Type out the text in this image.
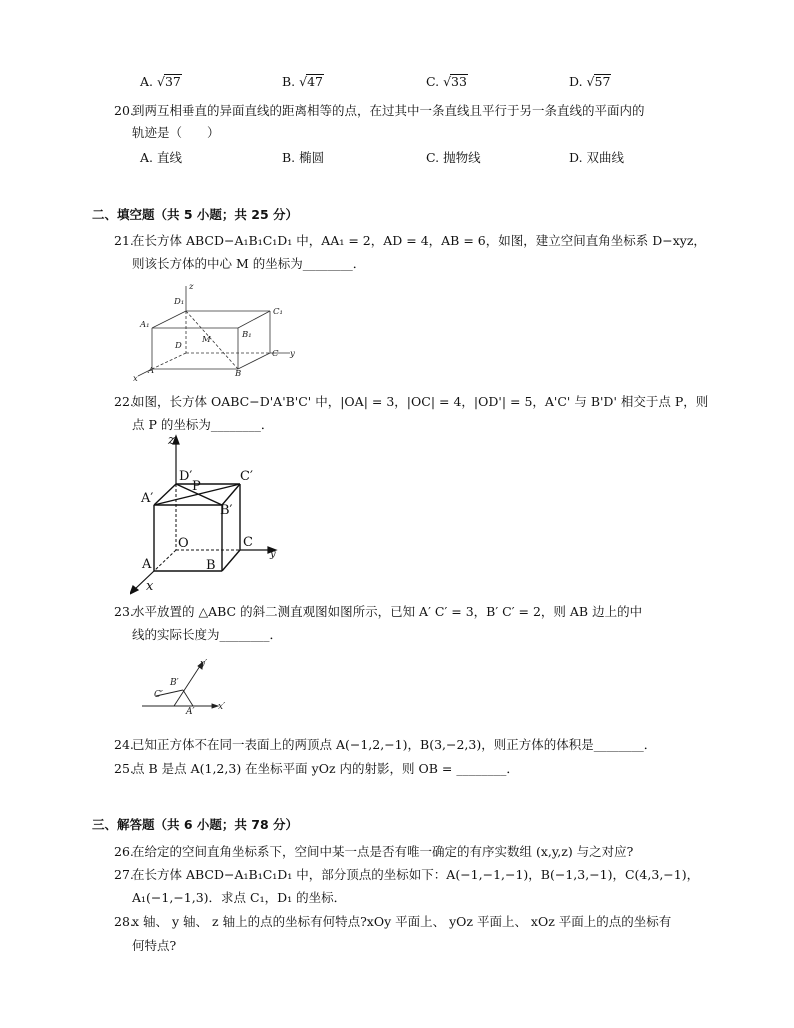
A. √37	B. √47	C. √33	D. √57
20.
到两互相垂直的异面直线的距离相等的点，在过其中一条直线且平行于另一条直线的平面内的
轨迹是（　　）
A. 直线	B. 椭圆	C. 抛物线	D. 双曲线
二、填空题（共 5 小题；共 25 分）
21.
在长方体 ABCD−A₁B₁C₁D₁ 中，AA₁ = 2，AD = 4，AB = 6，如图，建立空间直角坐标系 D−xyz，
则该长方体的中心 M 的坐标为________．
z
D₁
C₁
A₁
B₁
D
M
C y
A	B
x
22.
如图，长方体 OABC−D'A'B'C' 中，|OA| = 3，|OC| = 4，|OD'| = 5，A'C' 与 B'D' 相交于点 P，则
点 P 的坐标为________．
z
D′	C′
P
A′
B′
O	C
y
A	B
x
23.
水平放置的 △ABC 的斜二测直观图如图所示，已知 A′ C′ = 3，B′ C′ = 2，则 AB 边上的中
线的实际长度为________．
y′
B′
C′
A′	x′
24.
已知正方体不在同一表面上的两顶点 A(−1,2,−1)，B(3,−2,3)，则正方体的体积是________．
25.
点 B 是点 A(1,2,3) 在坐标平面 yOz 内的射影，则 OB = ________．
三、解答题（共 6 小题；共 78 分）
26.
在给定的空间直角坐标系下，空间中某一点是否有唯一确定的有序实数组 (x,y,z) 与之对应?
27.
在长方体 ABCD−A₁B₁C₁D₁ 中，部分顶点的坐标如下：A(−1,−1,−1)，B(−1,3,−1)，C(4,3,−1)，
A₁(−1,−1,3)．求点 C₁，D₁ 的坐标．
28.
x 轴、 y 轴、 z 轴上的点的坐标有何特点?xOy 平面上、 yOz 平面上、 xOz 平面上的点的坐标有
何特点?
